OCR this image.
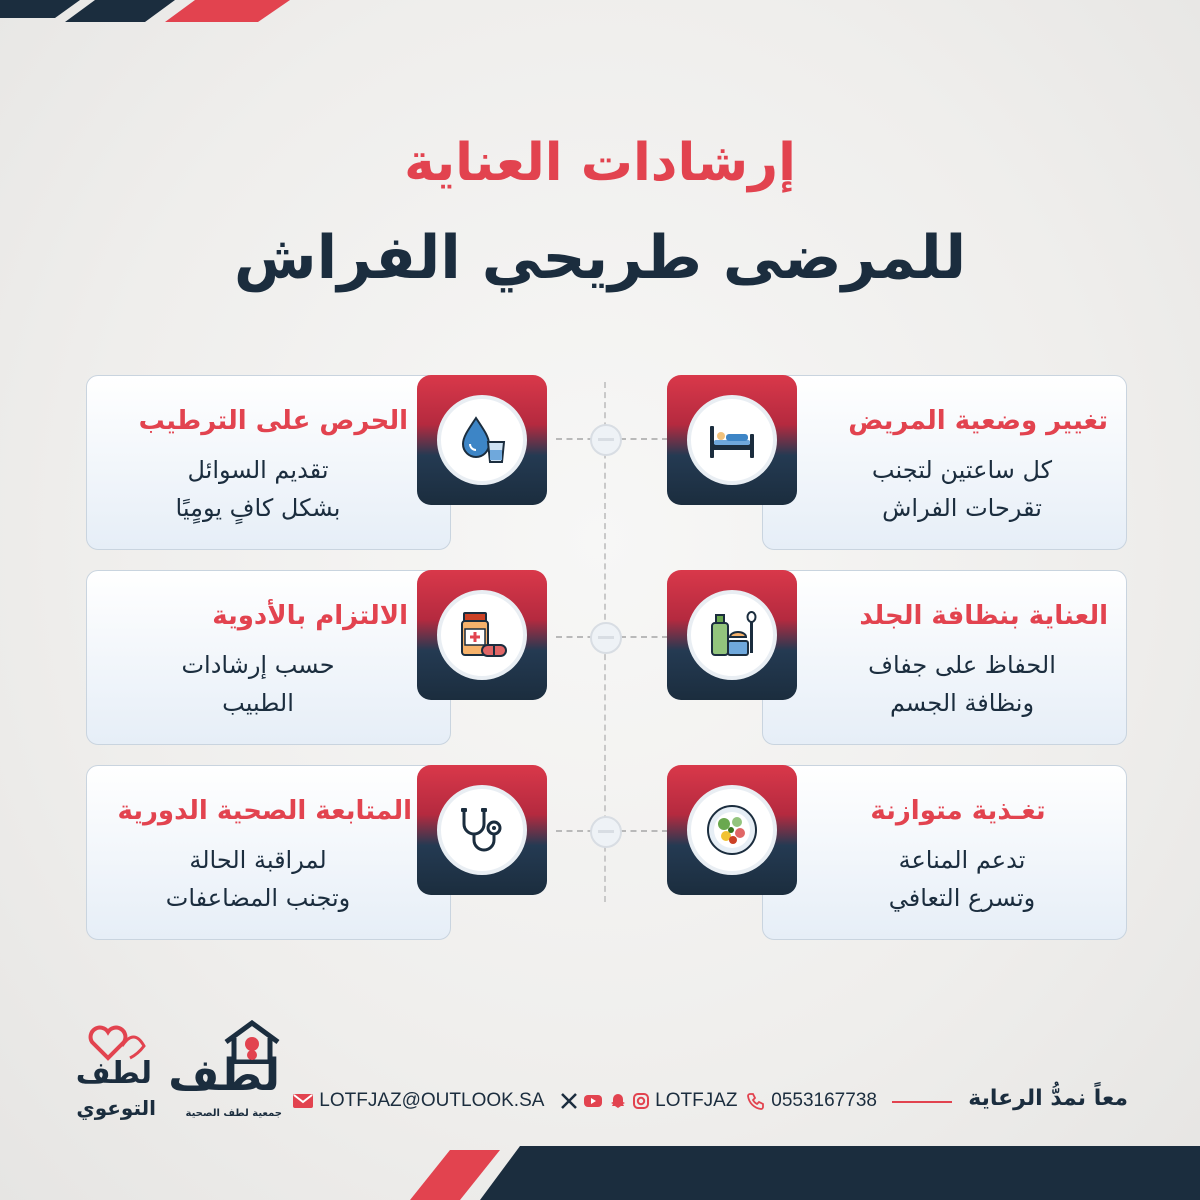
إرشادات العناية
للمرضى طريحي الفراش
تغيير وضعية المريض
كل ساعتين لتجنب
تقرحات الفراش
الحرص على الترطيب
تقديم السوائل
بشكل كافٍ يومٍيًا
العناية بنظافة الجلد
الحفاظ على جفاف
ونظافة الجسم
الالتزام بالأدوية
حسب إرشادات
الطبيب
تغـذية متوازنة
تدعم المناعة
وتسرع التعافي
المتابعة الصحية الدورية
لمراقبة الحالة
وتجنب المضاعفات
معاً نمدُّ الرعاية
0553167738
LOTFJAZ
LOTFJAZ@OUTLOOK.SA
لطف
جمعية لطف الصحية
لطف
التوعوي
